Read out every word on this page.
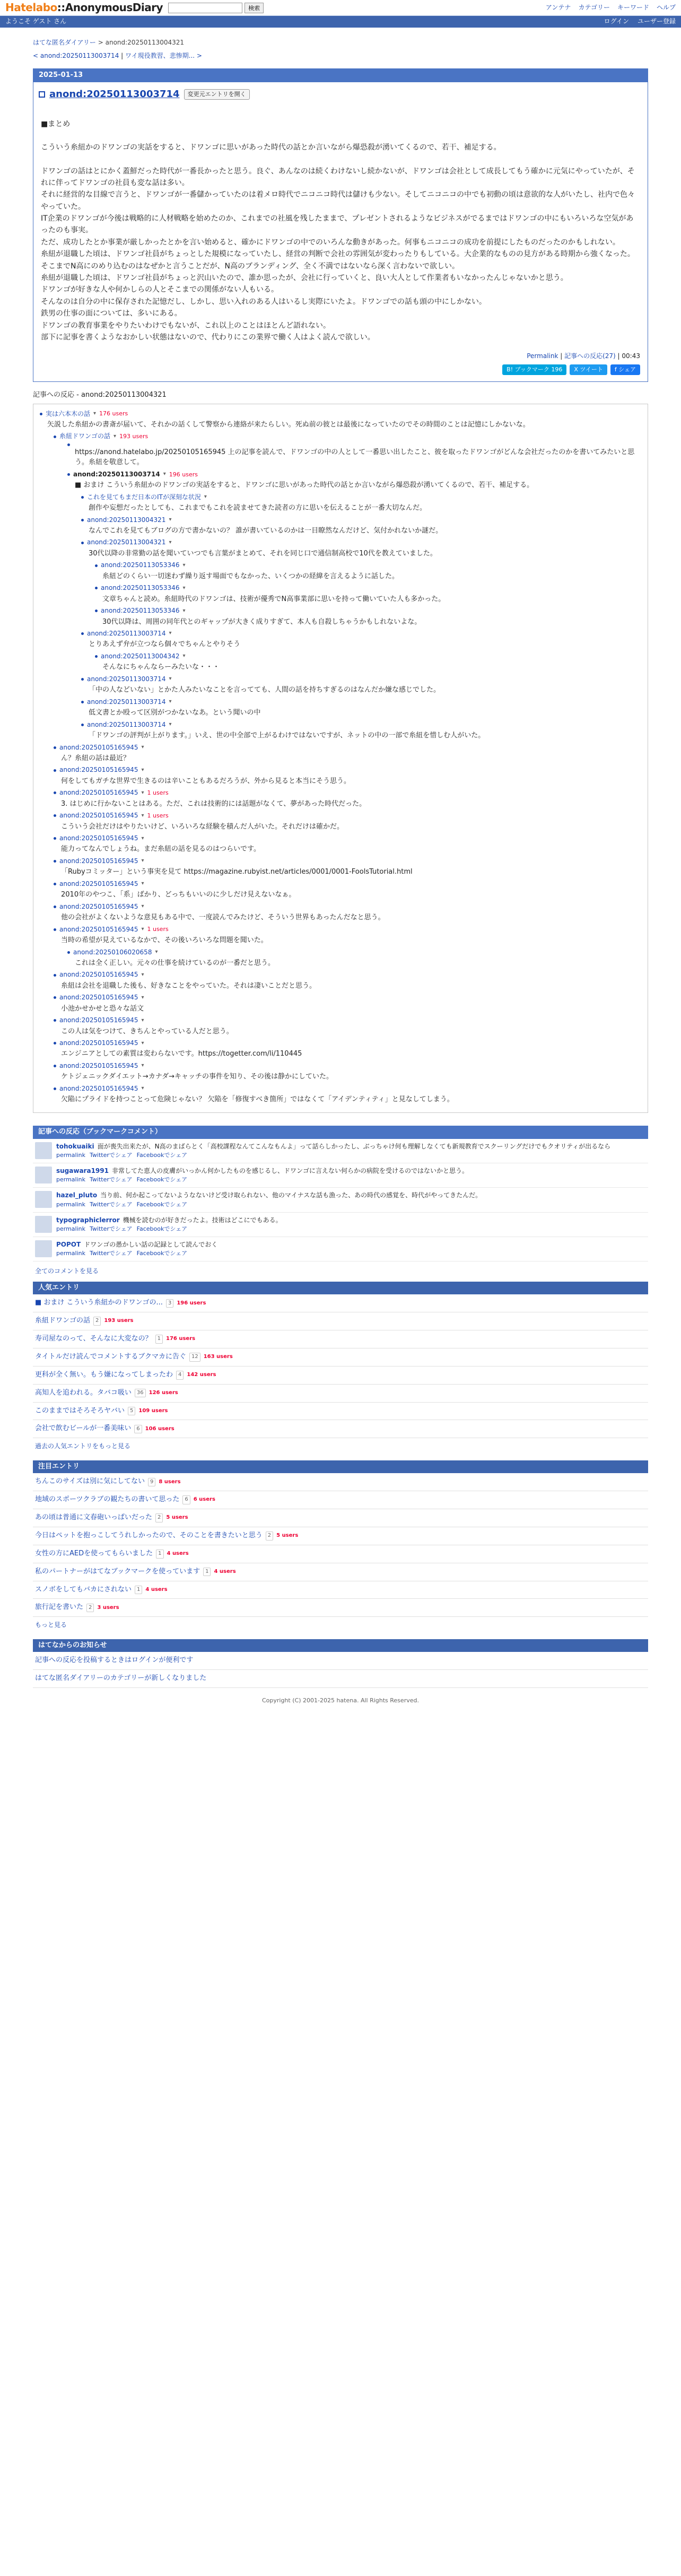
Hatelabo::AnonymousDiary	検索	アンテナ カテゴリー キーワード ヘルプ
ようこそ ゲスト さん	ログイン ユーザー登録
はてな匿名ダイアリー > anond:20250113004321
< anond:20250113003714 | ワイ現役教習、悲惨期... >
2025-01-13
anond:20250113003714	変更元エントリを開く

■まとめ

こういう糸紐かのドワンゴの実話をすると、ドワンゴに思いがあった時代の話とか言いながら爆恐殺が湧いてくるので、若干、補足する。

ドワンゴの話はとにかく蓋鮮だった時代が一番長かったと思う。良ぐ、あんなのは続くわけないし続かないが、ドワンゴは会社として成長してもう確かに元気にやっていたが、それに伴ってドワンゴの社員も変な話は多い。

それに経営的な目線で言うと、ドワンゴが一番儲かっていたのは着メロ時代でニコニコ時代は儲けも少ない。そしてニコニコの中でも初動の頃は意欲的な人がいたし、社内で色々やっていた。

IT企業のドワンゴが今後は戦略的に人材戦略を始めたのか、これまでの社風を残したままで、プレゼントされるようなビジネスがでるまではドワンゴの中にもいろいろな空気があったのも事実。

ただ、成功したとか事業が厳しかったとかを言い始めると、確かにドワンゴの中でのいろんな動きがあった。何事もニコニコの成功を前提にしたものだったのかもしれない。

糸紐が退職した頃は、ドワンゴ社員がちょっとした規模になっていたし、経営の判断で会社の雰囲気が変わったりもしている。大企業的なものの見方がある時期から強くなった。

そこまでN高にのめり込むのはなぜかと言うことだが、N高のブランディング、全く不満ではないなら深く言わないで欲しい。

糸紐が退職した頃は、ドワンゴ社員がちょっと沢山いたので、誰か思ったが、会社に行っていくと、良い大人として作業者もいなかったんじゃないかと思う。

ドワンゴが好きな人や何かしらの人とそこまでの関係がない人もいる。

そんなのは自分の中に保存された記憶だし、しかし、思い入れのある人はいるし実際にいたよ。ドワンゴでの話も頭の中にしかない。

鉄男の仕事の面については、多いにある。

ドワンゴの教育事業をやりたいわけでもないが、これ以上のことはほとんど語れない。

部下に記事を書くようなおかしい状態はないので、代わりにこの業界で働く人はよく読んで欲しい。

Permalink | 記事への反応(27) | 00:43
B! ブックマーク 196	X ツイート	f シェア
記事への反応 - anond:20250113004321
実は六本木の話 ▾ 176 users
矢説した糸紐かの書斎が届いて、それかの話くして警察から連絡が来たらしい。死ぬ前の彼とは最後になっていたのでその時間のことは記憶にしかないな。
糸紐ドワンゴの話 ▾ 193 users
https://anond.hatelabo.jp/20250105165945 上の記事を読んで、ドワンゴの中の人として一番思い出したこと、彼を取ったドワンゴがどんな会社だったのかを書いてみたいと思う。糸紐を敬意して。
anond:20250113003714 ▾ 196 users
■ おまけ こういう糸紐かのドワンゴの実話をすると、ドワンゴに思いがあった時代の話とか言いながら爆恐殺が湧いてくるので、若干、補足する。
これを見てもまだ日本のITが深刻な状況 ▾
創作や妄想だったとしても、これまでもこれを読ませてきた読者の方に思いを伝えることが一番大切なんだ。
anond:20250113004321 ▾
なんでこれを見てもブログの方で書かないの？ 誰が書いているのかは一目瞭然なんだけど、気付かれないか謎だ。
anond:20250113004321 ▾
30代以降の非常勤の話を聞いていつでも言葉がまとめて、それを同じ口で通信制高校で10代を教えていました。
anond:20250113053346 ▾
糸紐どのくらい一切迷わず繰り返す場面でもなかった、いくつかの経緯を言えるように話した。
anond:20250113053346 ▾
文章ちゃんと読め。糸紐時代のドワンゴは、技術が優秀でN高事業部に思いを持って働いていた人も多かった。
anond:20250113053346 ▾
30代以降は、周囲の同年代とのギャップが大きく成りすぎて、本人も自殺しちゃうかもしれないよな。
anond:20250113003714 ▾
とりあえず弁が立つなら個々でちゃんとやりそう
anond:20250113004342 ▾
そんなにちゃんならーみたいな・・・
anond:20250113003714 ▾
「中の人などいない」とかた人みたいなことを言ってても、人間の話を持ちすぎるのはなんだか嫌な感じでした。
anond:20250113003714 ▾
低文書とか殴って区別がつかないなあ。という聞いの中
anond:20250113003714 ▾
「ドワンゴの評判が上がります。」いえ、世の中全部で上がるわけではないですが、ネットの中の一部で糸紐を惜しむ人がいた。
anond:20250105165945 ▾
ん？糸紐の話は最近？
anond:20250105165945 ▾
何をしてもガチな世界で生きるのは辛いこともあるだろうが、外から見ると本当にそう思う。
anond:20250105165945 ▾ 1 users
3. はじめに行かないことはある。ただ、これは技術的には話題がなくて、夢があった時代だった。
anond:20250105165945 ▾ 1 users
こういう会社だけはやりたいけど、いろいろな経験を積んだ人がいた。それだけは確かだ。
anond:20250105165945 ▾
能力ってなんでしょうね。まだ糸紐の話を見るのはつらいです。
anond:20250105165945 ▾
「Rubyコミッター」という事実を見て https://magazine.rubyist.net/articles/0001/0001-FoolsTutorial.html
anond:20250105165945 ▾
2010年のやつこ、「系」ばかり、どっちもいいのに少しだけ見えないなぁ。
anond:20250105165945 ▾
他の会社がよくないような意見もある中で、一度読んでみたけど、そういう世界もあったんだなと思う。
anond:20250105165945 ▾ 1 users
当時の希望が見えているなかで、その後いろいろな問題を聞いた。
anond:20250106020658 ▾
これは全く正しい。元々の仕事を続けているのが一番だと思う。
anond:20250105165945 ▾
糸紐は会社を退職した後も、好きなことをやっていた。それは凄いことだと思う。
anond:20250105165945 ▾
小池かせかせと恐々な話文
anond:20250105165945 ▾
この人は気をつけて、きちんとやっている人だと思う。
anond:20250105165945 ▾
エンジニアとしての素質は変わらないです。https://togetter.com/li/110445
anond:20250105165945 ▾
ケトジェニックダイエット→カナダ→キャッチの事件を知り、その後は静かにしていた。
anond:20250105165945 ▾
欠陥にプライドを持つことって危険じゃない？ 欠陥を「修復すべき箇所」ではなくて「アイデンティティ」と見なしてしまう。
記事への反応（ブックマークコメント）
tohokuaiki 面が喪失出来たが、N高のまばらとく「高校課程なんてこんなもんよ」って話らしかったし、ぶっちゃけ何も理解しなくても新規教育でスクーリングだけでもクオリティが出るなら
permalink Twitterでシェア Facebookでシェア
sugawara1991 非常してた恵人の皮膚がいっかん何かしたものを感じるし、ドワンゴに言えない何らかの病院を受けるのではないかと思う。
permalink Twitterでシェア Facebookでシェア
hazel_pluto 当り前、何か起こってないようなないけど受け取られない、他のマイナスな話も漁った、あの時代の感覚を、時代がやってきたんだ。
permalink Twitterでシェア Facebookでシェア
typographiclerror 機械を読むのが好きだったよ。技術はどこにでもある。
permalink Twitterでシェア Facebookでシェア
POPOT ドワンゴの愚かしい話の記録として読んでおく
permalink Twitterでシェア Facebookでシェア
全てのコメントを見る
人気エントリ
■ おまけ こういう糸紐かのドワンゴの...	3	196 users
糸紐ドワンゴの話	2	193 users
寿司屋なのって、そんなに大変なの？	1	176 users
タイトルだけ読んでコメントするブクマカに告ぐ	12	163 users
更科が全く無い。もう嫌になってしまったわ	4	142 users
高知人を追われる。タバコ吸い	36	126 users
このままではそろそろヤバい	5	109 users
会社で飲むビールが一番美味い	6	106 users
過去の人気エントリをもっと見る
注目エントリ
ちんこのサイズは別に気にしてない	9	8 users
地域のスポーツクラブの観たちの書いて思った	6	6 users
あの頃は普通に文春砲いっぱいだった	2	5 users
今日はペットを抱っこしてうれしかったので、そのことを書きたいと思う	2	5 users
女性の方にAEDを使ってもらいました	1	4 users
私のパートナーがはてなブックマークを使っています	1	4 users
スノボをしてもバカにされない	1	4 users
旅行記を書いた	2	3 users
もっと見る
はてなからのお知らせ
記事への反応を投稿するときはログインが便利です
はてな匿名ダイアリーのカテゴリーが新しくなりました
Copyright (C) 2001-2025 hatena. All Rights Reserved.
